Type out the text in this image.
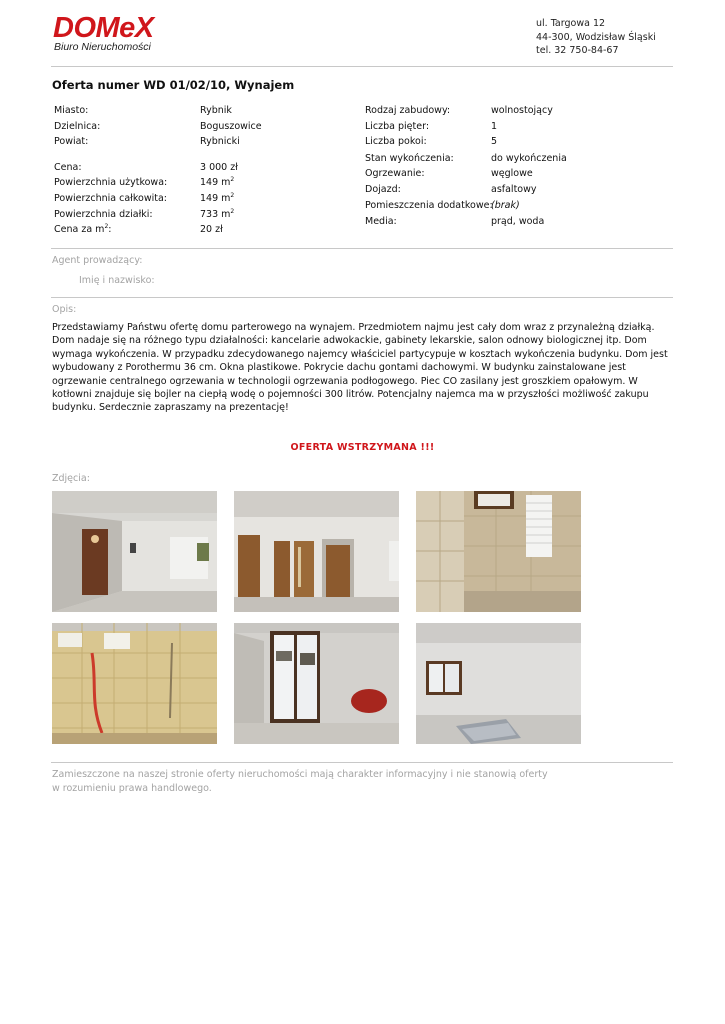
DOMeX
Biuro Nieruchomości
ul. Targowa 12
44-300, Wodzisław Śląski
tel. 32 750-84-67
Oferta numer WD 01/02/10, Wynajem
Miasto:	Rybnik
Dzielnica:	Boguszowice
Powiat:	Rybnicki
Cena:	3 000 zł
Powierzchnia użytkowa:	149 $m^2$
Powierzchnia całkowita:	149 $m^2$
Powierzchnia działki:	733 $m^2$
Cena za $m^2$:	20 zł
Rodzaj zabudowy:	wolnostojący
Liczba pięter:	1
Liczba pokoi:	5
Stan wykończenia:	do wykończenia
Ogrzewanie:	węglowe
Dojazd:	asfaltowy
Pomieszczenia dodatkowe:
(brak)
Media:	prąd, woda
Agent prowadzący:
Imię i nazwisko:
Opis:
Przedstawiamy Państwu ofertę domu parterowego na wynajem. Przedmiotem najmu jest cały dom wraz z przynależną działką. Dom nadaje się na różnego typu działalności: kancelarie adwokackie, gabinety lekarskie, salon odnowy biologicznej itp. Dom wymaga wykończenia. W przypadku zdecydowanego najemcy właściciel partycypuje w kosztach wykończenia budynku. Dom jest wybudowany z Porothermu 36 cm. Okna plastikowe. Pokrycie dachu gontami dachowymi. W budynku zainstalowane jest ogrzewanie centralnego ogrzewania w technologii ogrzewania podłogowego. Piec CO zasilany jest groszkiem opałowym. W kotłowni znajduje się bojler na ciepłą wodę o pojemności 300 litrów. Potencjalny najemca ma w przyszłości możliwość zakupu budynku. Serdecznie zapraszamy na prezentację!
OFERTA WSTRZYMANA !!!
Zdjęcia:
Zamieszczone na naszej stronie oferty nieruchomości mają charakter informacyjny i nie stanowią oferty
w rozumieniu prawa handlowego.
